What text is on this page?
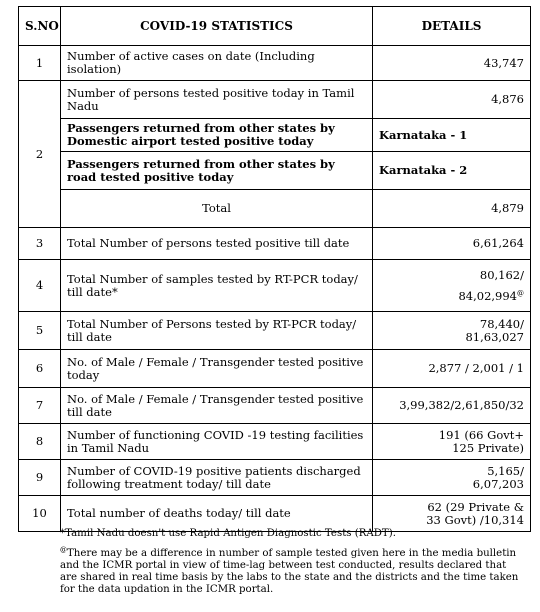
S.NO	COVID-19 STATISTICS	DETAILS
1	Number of active cases on date (Including isolation)	43,747
2	Number of persons tested positive today in Tamil Nadu	4,876
	Passengers returned from other states by Domestic airport tested positive today	Karnataka - 1
	Passengers returned from other states by road tested positive today	Karnataka - 2
	Total	4,879
3	Total Number of persons tested positive till date	6,61,264
4	Total Number of samples tested by RT-PCR today/ till date*	80,162/
84,02,994@

5	Total Number of Persons tested by RT-PCR today/ till date	78,440/
81,63,027

6	No. of Male / Female / Transgender tested positive today	2,877 / 2,001 / 1
7	No. of Male / Female / Transgender tested positive till date	3,99,382/2,61,850/32
8	Number of functioning COVID -19 testing facilities in Tamil Nadu	191 (66 Govt+
125 Private)

9	Number of COVID-19 positive patients discharged following treatment today/ till date	5,165/
6,07,203

10	Total number of deaths today/ till date	62 (29 Private &
33 Govt) /10,314

*Tamil Nadu doesn't use Rapid Antigen Diagnostic Tests (RADT).

@There may be a difference in number of sample tested given here in the media bulletin and the ICMR portal in view of time-lag between test conducted, results declared that are shared in real time basis by the labs to the state and the districts and the time taken for the data updation in the ICMR portal.
